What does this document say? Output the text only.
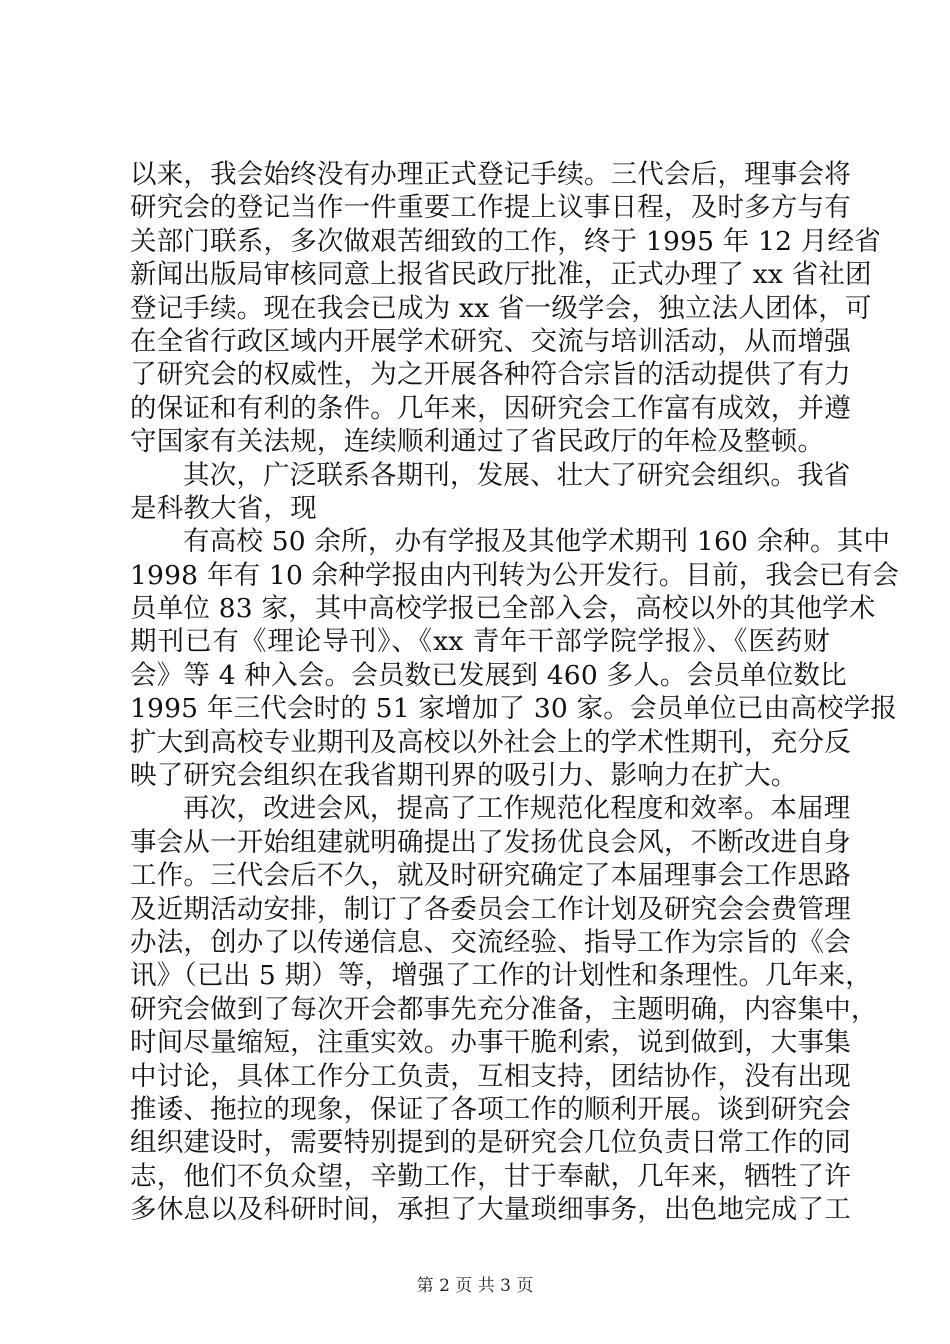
以来，我会始终没有办理正式登记手续。三代会后，理事会将
研究会的登记当作一件重要工作提上议事日程，及时多方与有
关部门联系，多次做艰苦细致的工作，终于 1995 年 12 月经省
新闻出版局审核同意上报省民政厅批准，正式办理了 xx 省社团
登记手续。现在我会已成为 xx 省一级学会，独立法人团体，可
在全省行政区域内开展学术研究、交流与培训活动，从而增强
了研究会的权威性，为之开展各种符合宗旨的活动提供了有力
的保证和有利的条件。几年来，因研究会工作富有成效，并遵
守国家有关法规，连续顺利通过了省民政厅的年检及整顿。
其次，广泛联系各期刊，发展、壮大了研究会组织。我省
是科教大省，现
有高校 50 余所，办有学报及其他学术期刊 160 余种。其中
1998 年有 10 余种学报由内刊转为公开发行。目前，我会已有会
员单位 83 家，其中高校学报已全部入会，高校以外的其他学术
期刊已有《理论导刊》、《xx 青年干部学院学报》、《医药财
会》等 4 种入会。会员数已发展到 460 多人。会员单位数比
1995 年三代会时的 51 家增加了 30 家。会员单位已由高校学报
扩大到高校专业期刊及高校以外社会上的学术性期刊，充分反
映了研究会组织在我省期刊界的吸引力、影响力在扩大。
再次，改进会风，提高了工作规范化程度和效率。本届理
事会从一开始组建就明确提出了发扬优良会风，不断改进自身
工作。三代会后不久，就及时研究确定了本届理事会工作思路
及近期活动安排，制订了各委员会工作计划及研究会会费管理
办法，创办了以传递信息、交流经验、指导工作为宗旨的《会
讯》（已出 5 期）等，增强了工作的计划性和条理性。几年来，
研究会做到了每次开会都事先充分准备，主题明确，内容集中，
时间尽量缩短，注重实效。办事干脆利索，说到做到，大事集
中讨论，具体工作分工负责，互相支持，团结协作，没有出现
推诿、拖拉的现象，保证了各项工作的顺利开展。谈到研究会
组织建设时，需要特别提到的是研究会几位负责日常工作的同
志，他们不负众望，辛勤工作，甘于奉献，几年来，牺牲了许
多休息以及科研时间，承担了大量琐细事务，出色地完成了工
第 2 页 共 3 页
